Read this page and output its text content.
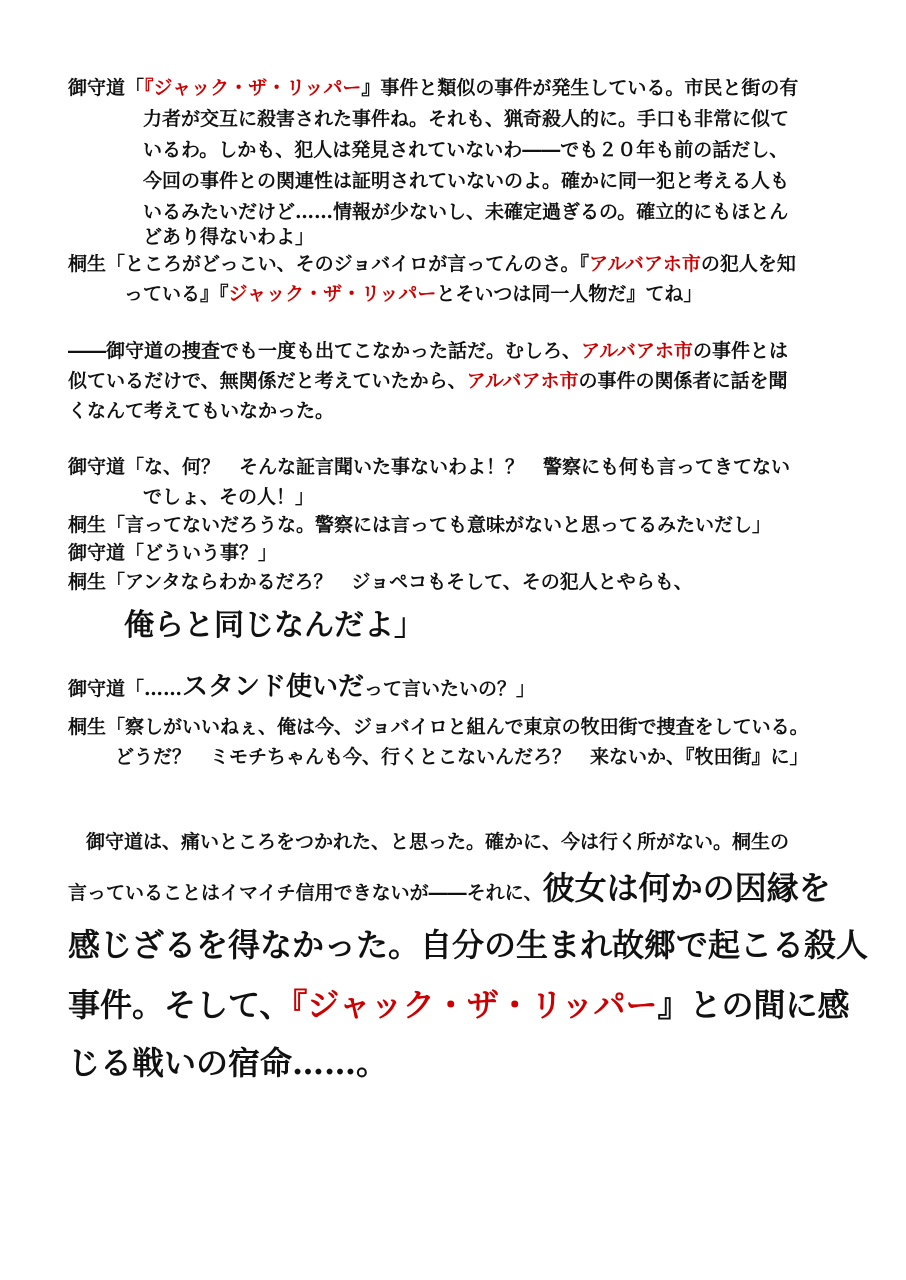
御守道「『ジャック・ザ・リッパー』事件と類似の事件が発生している。市民と街の有
力者が交互に殺害された事件ね。それも、猟奇殺人的に。手口も非常に似て
いるわ。しかも、犯人は発見されていないわ――でも２０年も前の話だし、
今回の事件との関連性は証明されていないのよ。確かに同一犯と考える人も
いるみたいだけど……情報が少ないし、未確定過ぎるの。確立的にもほとん
どあり得ないわよ」
桐生「ところがどっこい、そのジョバイロが言ってんのさ。『アルバアホ市の犯人を知
っている』『ジャック・ザ・リッパーとそいつは同一人物だ』てね」
――御守道の捜査でも一度も出てこなかった話だ。むしろ、アルバアホ市の事件とは
似ているだけで、無関係だと考えていたから、アルバアホ市の事件の関係者に話を聞
くなんて考えてもいなかった。
御守道「な、何？　そんな証言聞いた事ないわよ！？　警察にも何も言ってきてない
でしょ、その人！」
桐生「言ってないだろうな。警察には言っても意味がないと思ってるみたいだし」
御守道「どういう事？」
桐生「アンタならわかるだろ？　ジョペコもそして、その犯人とやらも、
俺らと同じなんだよ」
御守道「……スタンド使いだって言いたいの？」
桐生「察しがいいねぇ、俺は今、ジョバイロと組んで東京の牧田街で捜査をしている。
どうだ？　ミモチちゃんも今、行くとこないんだろ？　来ないか、『牧田街』に」
御守道は、痛いところをつかれた、と思った。確かに、今は行く所がない。桐生の
言っていることはイマイチ信用できないが――それに、彼女は何かの因縁を
感じざるを得なかった。自分の生まれ故郷で起こる殺人
事件。そして、『ジャック・ザ・リッパー』との間に感
じる戦いの宿命……。
